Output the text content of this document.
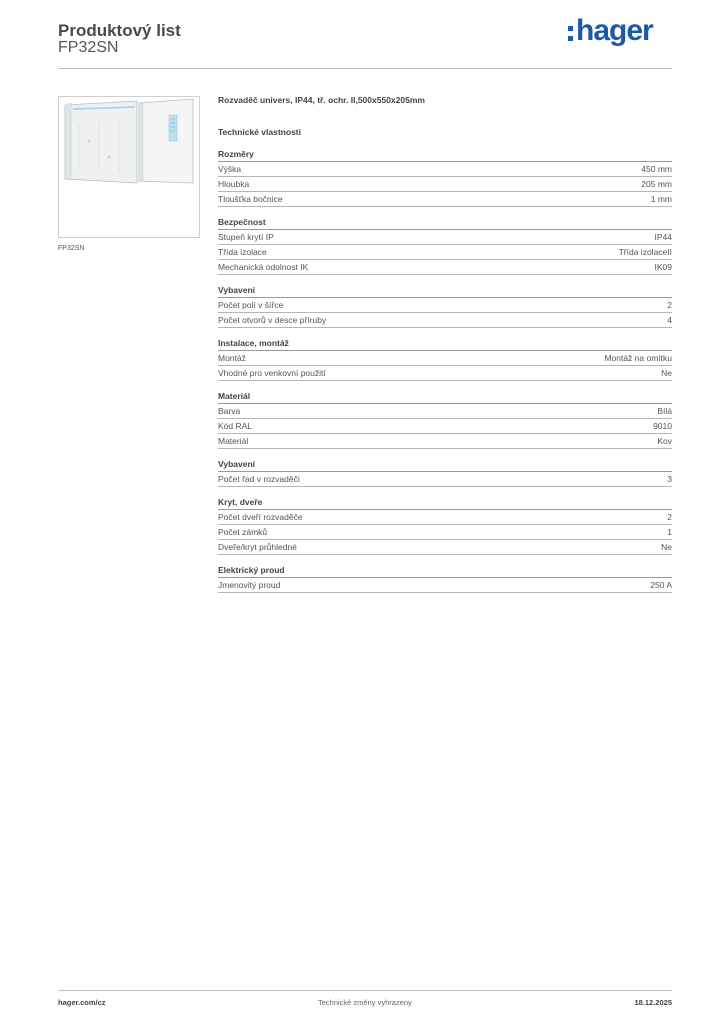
Produktový list
FP32SN
hager
FP32SN
Rozvaděč univers, IP44, tř. ochr. II,500x550x205mm
Technické vlastnosti
Rozměry
Výška	450 mm
Hloubka	205 mm
Tloušťka bočnice	1 mm
Bezpečnost
Stupeň krytí IP	IP44
Třída izolace	Třída izolaceII
Mechanická odolnost IK	IK09
Vybavení
Počet polí v šířce	2
Počet otvorů v desce příruby	4
Instalace, montáž
Montáž	Montáž na omítku
Vhodné pro venkovní použití	Ne
Materiál
Barva	Bílá
Kód RAL	9010
Materiál	Kov
Vybavení
Počet řad v rozvaděči	3
Kryt, dveře
Počet dveří rozvaděče	2
Počet zámků	1
Dveře/kryt průhledné	Ne
Elektrický proud
Jmenovitý proud	250 A
hager.com/cz	Technické změny vyhrazeny	18.12.2025
